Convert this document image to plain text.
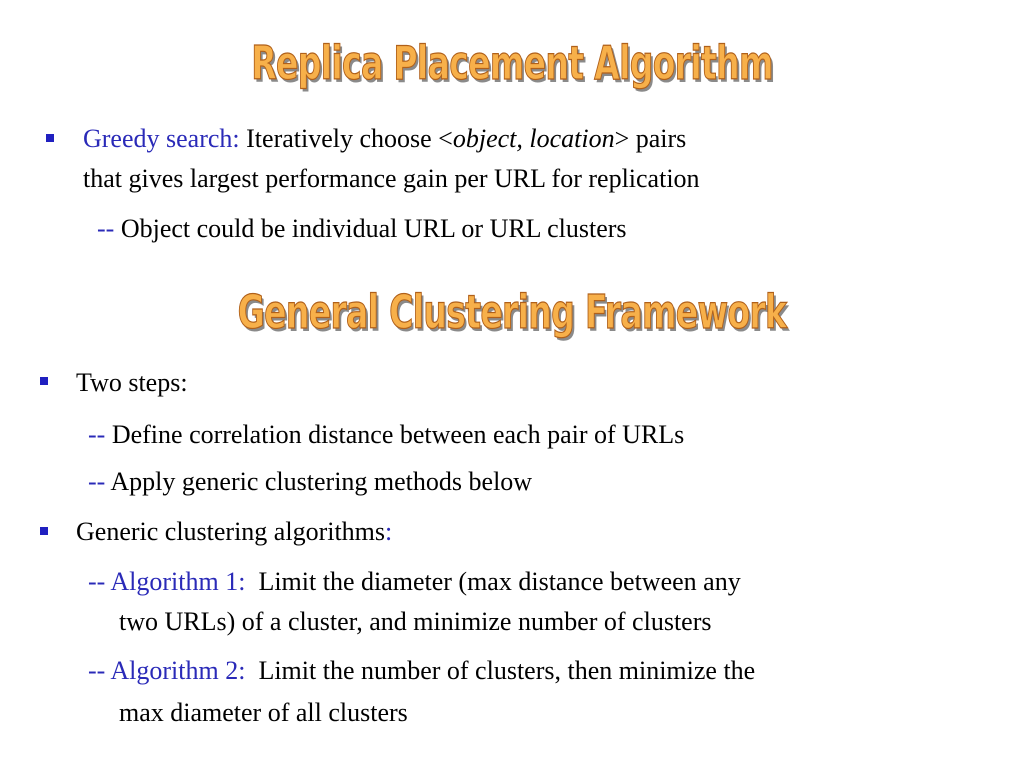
Replica Placement Algorithm
Greedy search: Iteratively choose <object, location> pairs
that gives largest performance gain per URL for replication
-- Object could be individual URL or URL clusters
General Clustering Framework
Two steps:
-- Define correlation distance between each pair of URLs
-- Apply generic clustering methods below
Generic clustering algorithms:
-- Algorithm 1:  Limit the diameter (max distance between any
two URLs) of a cluster, and minimize number of clusters
-- Algorithm 2:  Limit the number of clusters, then minimize the
max diameter of all clusters
